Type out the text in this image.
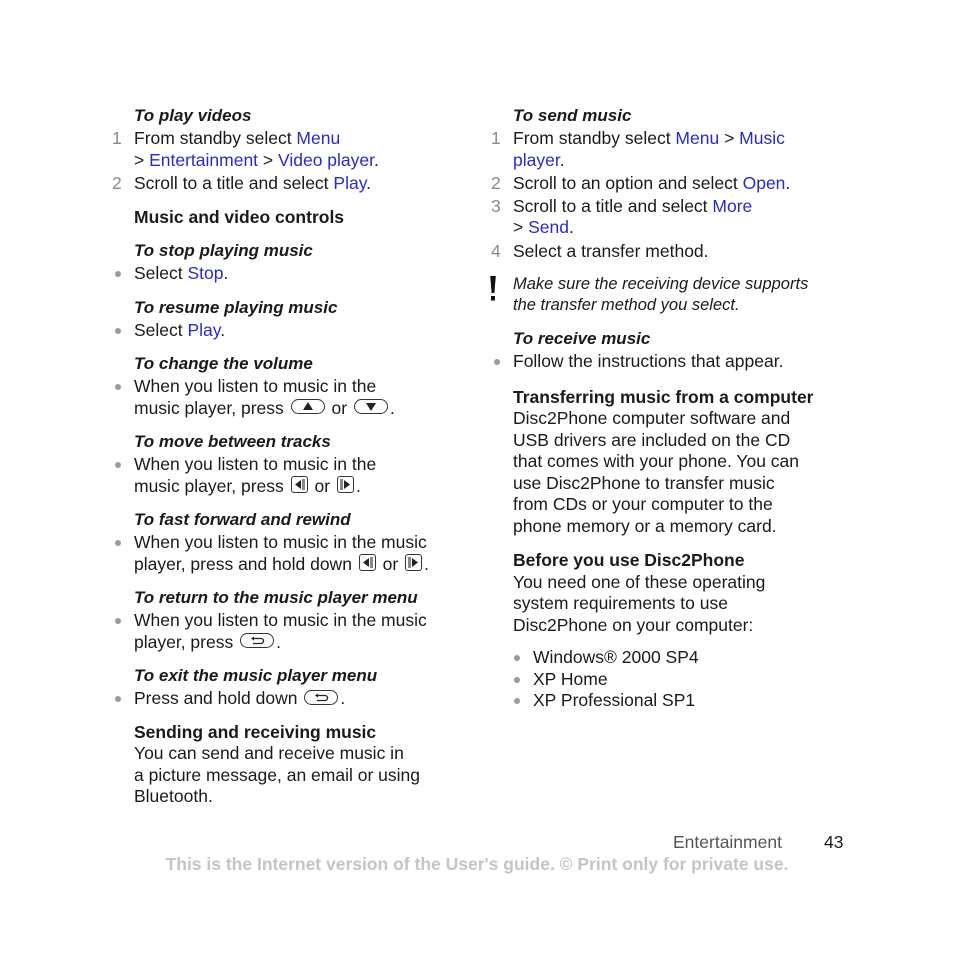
To play videos
1 From standby select Menu
> Entertainment > Video player.
2 Scroll to a title and select Play.
Music and video controls
To stop playing music
Select Stop.
To resume playing music
Select Play.
To change the volume
When you listen to music in the
music player, press
or
.
To move between tracks
When you listen to music in the
music player, press
or
.
To fast forward and rewind
When you listen to music in the music
player, press and hold down
or
.
To return to the music player menu
When you listen to music in the music
player, press
.
To exit the music player menu
Press and hold down
.
Sending and receiving music
You can send and receive music in
a picture message, an email or using
Bluetooth.
To send music
1 From standby select Menu > Music
player.
2 Scroll to an option and select Open.
3 Scroll to a title and select More
> Send.
4 Select a transfer method.
Make sure the receiving device supports
the transfer method you select.
To receive music
Follow the instructions that appear.
Transferring music from a computer
Disc2Phone computer software and
USB drivers are included on the CD
that comes with your phone. You can
use Disc2Phone to transfer music
from CDs or your computer to the
phone memory or a memory card.
Before you use Disc2Phone
You need one of these operating
system requirements to use
Disc2Phone on your computer:
Windows® 2000 SP4
XP Home
XP Professional SP1
Entertainment 43
This is the Internet version of the User's guide. © Print only for private use.
